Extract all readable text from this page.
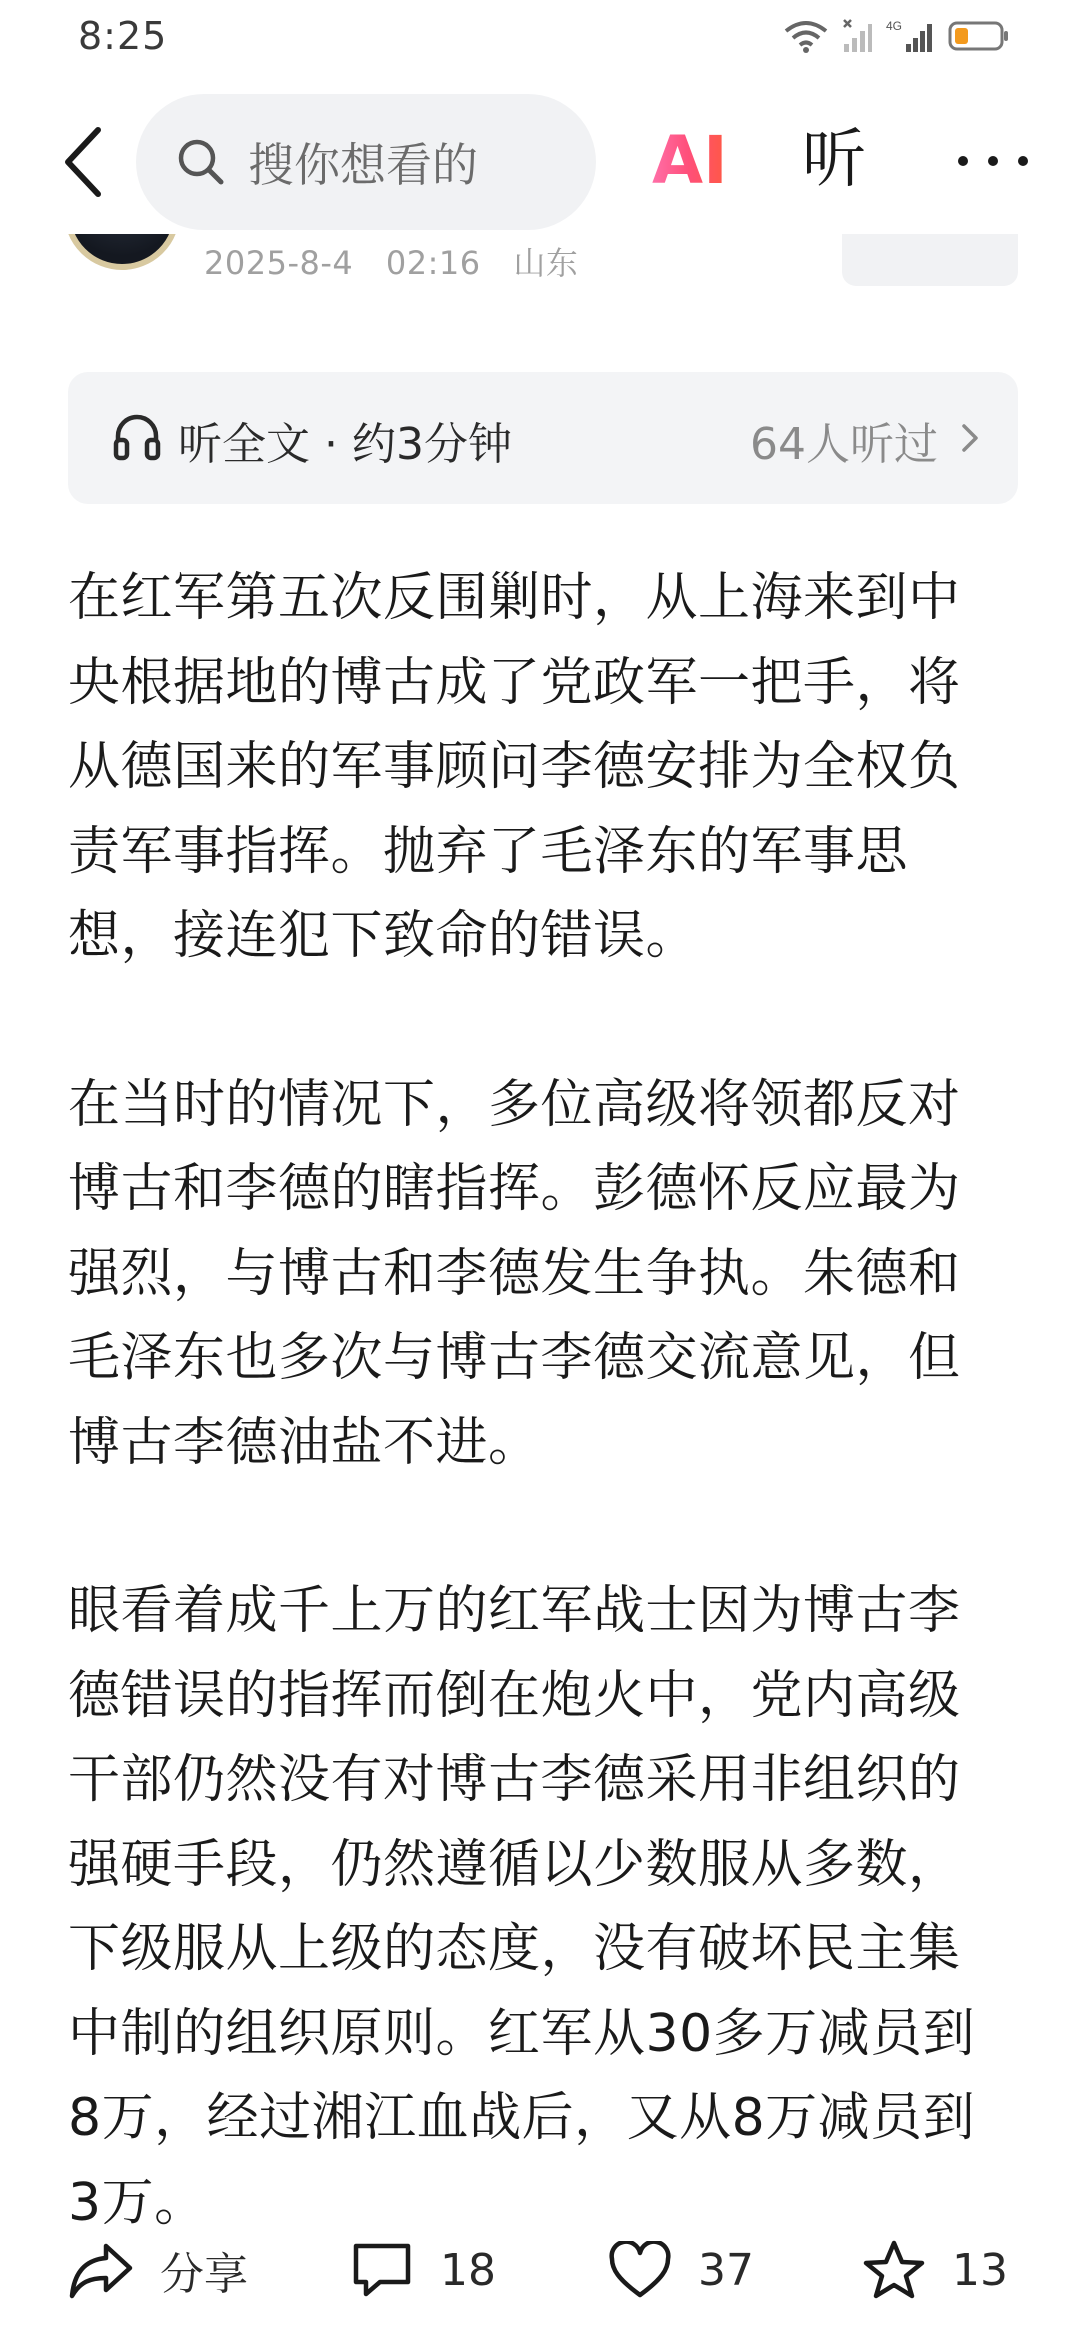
8:25	4G
2025-8-4 02:16 山东
搜你想看的	AI 听
听全文 · 约3分钟	64人听过

在红军第五次反围剿时，从上海来到中央根据地的博古成了党政军一把手，将从德国来的军事顾问李德安排为全权负责军事指挥。抛弃了毛泽东的军事思想，接连犯下致命的错误。

在当时的情况下，多位高级将领都反对博古和李德的瞎指挥。彭德怀反应最为强烈，与博古和李德发生争执。朱德和毛泽东也多次与博古李德交流意见，但博古李德油盐不进。

眼看着成千上万的红军战士因为博古李德错误的指挥而倒在炮火中，党内高级干部仍然没有对博古李德采用非组织的强硬手段，仍然遵循以少数服从多数，下级服从上级的态度，没有破坏民主集中制的组织原则。红军从30多万减员到8万，经过湘江血战后，又从8万减员到3万。

分享	18	37	13
